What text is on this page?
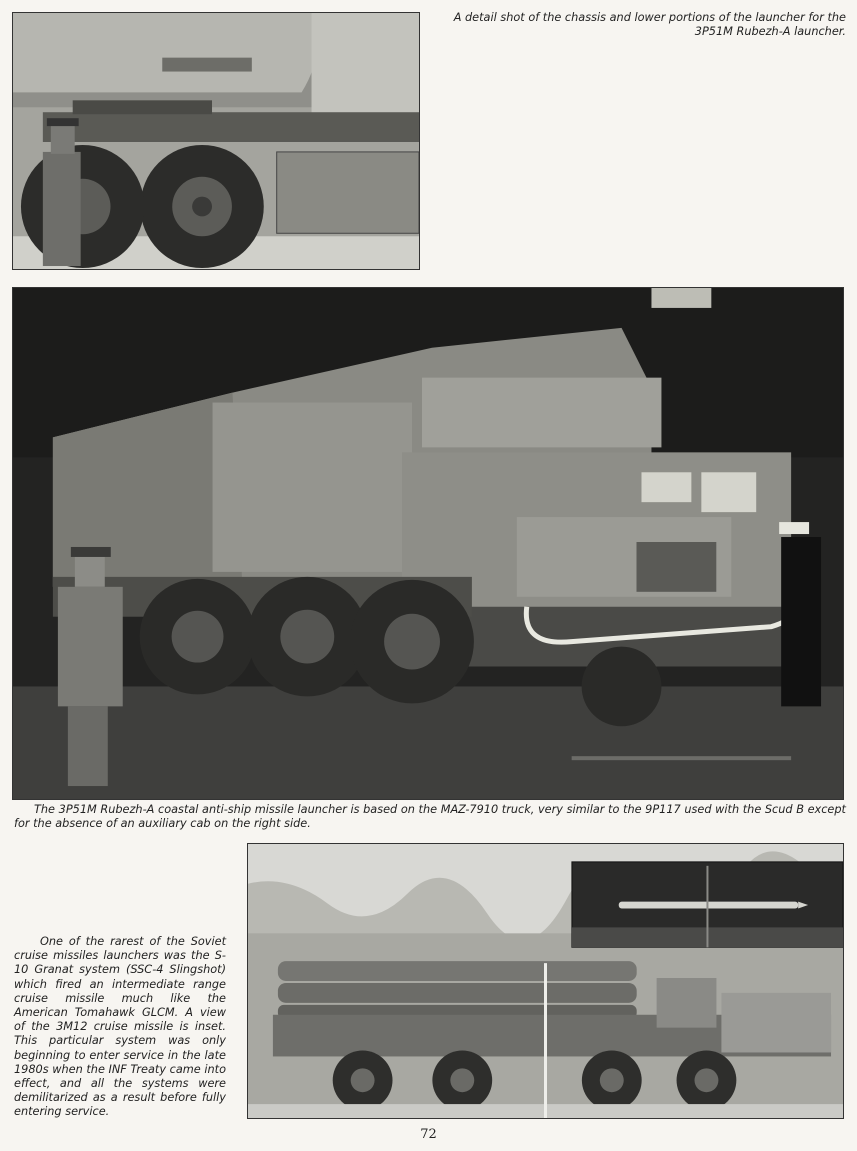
A detail shot of the chassis and lower portions of the launcher for the 3P51M Rubezh-A launcher.
The 3P51M Rubezh-A coastal anti-ship missile launcher is based on the MAZ-7910 truck, very similar to the 9P117 used with the Scud B except for the absence of an auxiliary cab on the right side.
One of the rarest of the Soviet cruise missiles launchers was the S-10 Granat system (SSC-4 Slingshot) which fired an intermediate range cruise missile much like the American Tomahawk GLCM. A view of the 3M12 cruise missile is inset. This particular system was only beginning to enter service in the late 1980s when the INF Treaty came into effect, and all the systems were demilitarized as a result before fully entering service.
72
